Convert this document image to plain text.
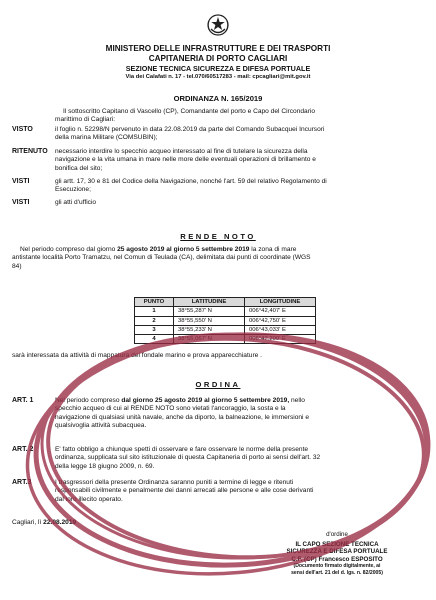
MINISTERO DELLE INFRASTRUTTURE E DEI TRASPORTI
CAPITANERIA DI PORTO CAGLIARI
SEZIONE TECNICA SICUREZZA E DIFESA PORTUALE
Via dei Calafati n. 17 - tel.070/60517283 - mail: cpcagliari@mit.gov.it
ORDINANZA N. 165/2019
Il sottoscritto Capitano di Vascello (CP), Comandante del porto e Capo del Circondario
marittimo di Cagliari:
VISTO	il foglio n. 52298/N pervenuto in data 22.08.2019 da parte del Comando Subacquei Incursori
della marina Militare (COMSUBIN);
RITENUTO necessario interdire lo specchio acqueo interessato al fine di tutelare la sicurezza della
navigazione e la vita umana in mare nelle more delle eventuali operazioni di brillamento e
bonifica del sito;
VISTI	gli artt. 17, 30 e 81 del Codice della Navigazione, nonché l'art. 59 del relativo Regolamento di
Esecuzione;
VISTI	gli atti d'ufficio
RENDE NOTO
Nel periodo compreso dal giorno 25 agosto 2019 al giorno 5 settembre 2019 la zona di mare
antistante località Porto Tramatzu, nel Comun di Teulada (CA), delimitata dai punti di coordinate (WGS
84)
PUNTO	LATITUDINE	LONGITUDINE
1	38°55,287' N	006°42,407' E
2	38°55,550' N	006°42,750' E
3	38°55,233' N	006°43,033' E
4	38°55,067' N	006°42,200' E
sarà interessata da attività di mappatura del fondale marino e prova apparecchiature .
ORDINA
ART. 1	Nel periodo compreso dal giorno 25 agosto 2019 al giorno 5 settembre 2019, nello
specchio acqueo di cui al RENDE NOTO sono vietati l'ancoraggio, la sosta e la
navigazione di qualsiasi unità navale, anche da diporto, la balneazione, le immersioni e
qualsivoglia attività subacquea.
ART. 2	E' fatto obbligo a chiunque spetti di osservare e fare osservare le norme della presente
ordinanza, supplicata sul sito istituzionale di questa Capitaneria di porto ai sensi dell'art. 32
della legge 18 giugno 2009, n. 69.
ART.3	I trasgressori della presente Ordinanza saranno puniti a termine di legge e ritenuti
responsabili civilmente e penalmente dei danni arrecati alle persone e alle cose derivanti
dal loro illecito operato.
Cagliari, lì 22.08.2019
d'ordine
IL CAPO SEZIONE TECNICA
SICUREZZA E DIFESA PORTUALE
C.F. (CP) Francesco ESPOSITO
(Documento firmato digitalmente, ai
sensi dell'art. 21 del d. lgs. n. 82/2005)
